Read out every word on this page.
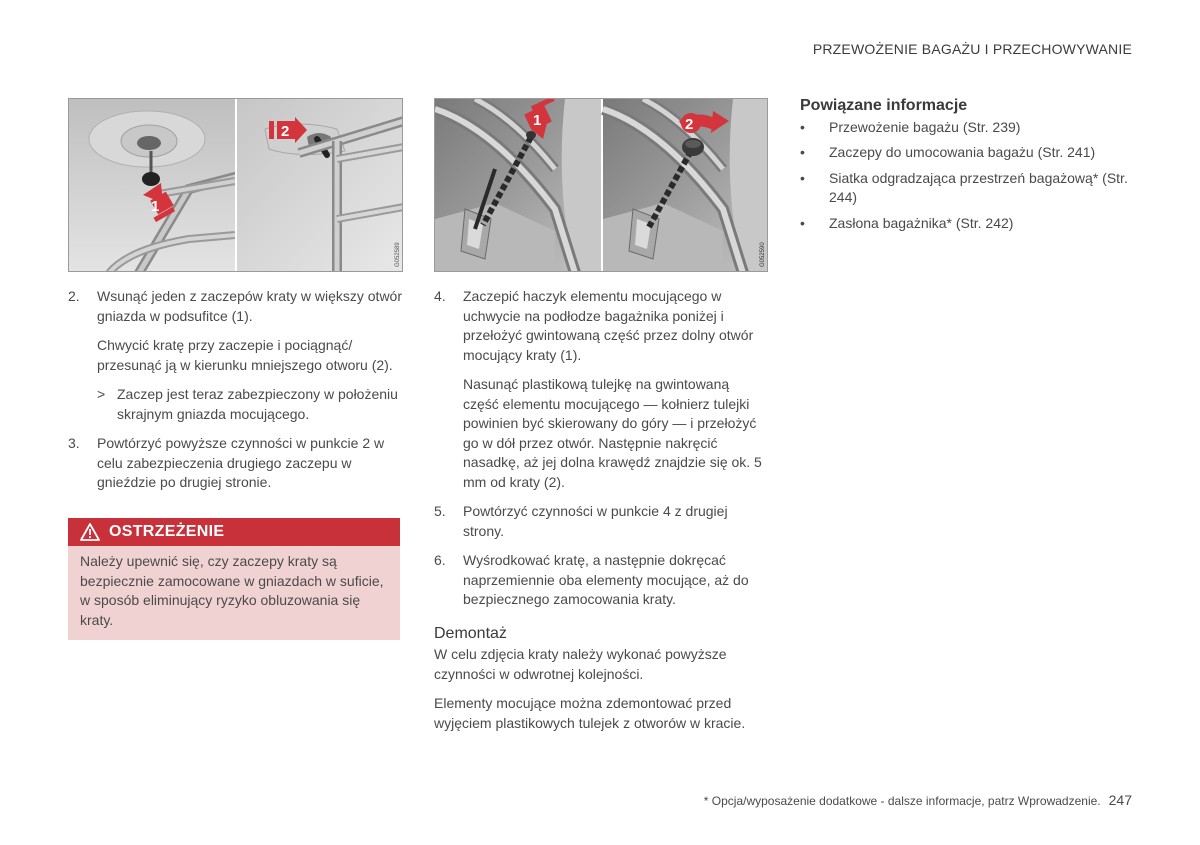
PRZEWOŻENIE BAGAŻU I PRZECHOWYWANIE
1
2
G052589
1	2
G052590
2.	Wsunąć jeden z zaczepów kraty w większy otwór gniazda w podsufitce (1).

Chwycić kratę przy zaczepie i pociągnąć/ przesunąć ją w kierunku mniejszego otworu (2).

> Zaczep jest teraz zabezpieczony w położeniu skrajnym gniazda mocującego.
3.	Powtórzyć powyższe czynności w punkcie 2 w celu zabezpieczenia drugiego zaczepu w gnieździe po drugiej stronie.

OSTRZEŻENIE
Należy upewnić się, czy zaczepy kraty są bezpiecznie zamocowane w gniazdach w suficie, w sposób eliminujący ryzyko obluzowania się kraty.
4.	Zaczepić haczyk elementu mocującego w uchwycie na podłodze bagażnika poniżej i przełożyć gwintowaną część przez dolny otwór mocujący kraty (1).

Nasunąć plastikową tulejkę na gwintowaną część elementu mocującego — kołnierz tulejki powinien być skierowany do góry — i przełożyć go w dół przez otwór. Następnie nakręcić nasadkę, aż jej dolna krawędź znajdzie się ok. 5 mm od kraty (2).

5.	Powtórzyć czynności w punkcie 4 z drugiej strony.

6.	Wyśrodkować kratę, a następnie dokręcać naprzemiennie oba elementy mocujące, aż do bezpiecznego zamocowania kraty.

Demontaż

W celu zdjęcia kraty należy wykonać powyższe czynności w odwrotnej kolejności.

Elementy mocujące można zdemontować przed wyjęciem plastikowych tulejek z otworów w kracie.

Powiązane informacje
•	Przewożenie bagażu (Str. 239)
•	Zaczepy do umocowania bagażu (Str. 241)
•	Siatka odgradzająca przestrzeń bagażową* (Str. 244)
•	Zasłona bagażnika* (Str. 242)
* Opcja/wyposażenie dodatkowe - dalsze informacje, patrz Wprowadzenie. 247
